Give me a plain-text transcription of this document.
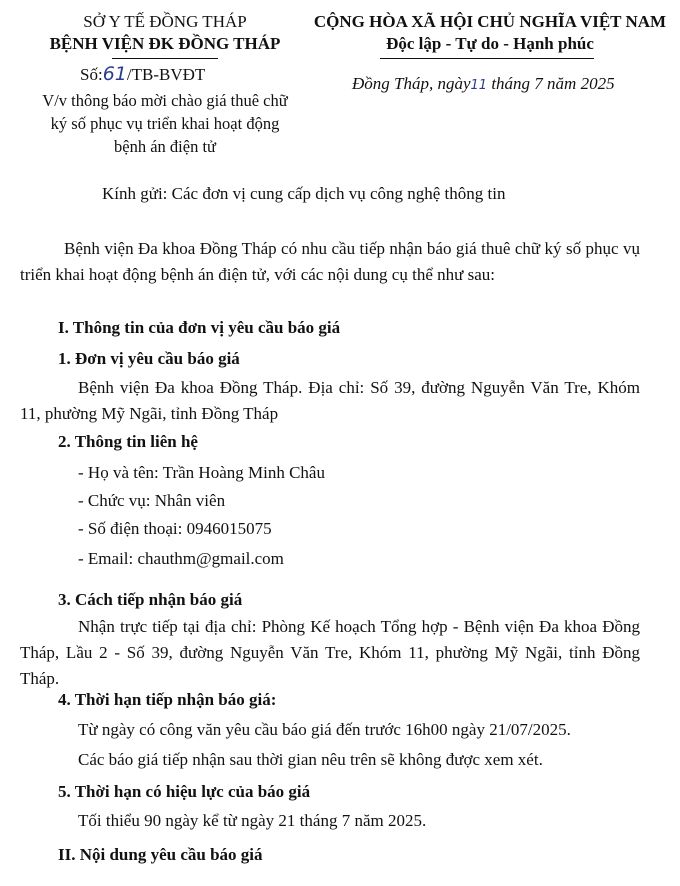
SỞ Y TẾ ĐỒNG THÁP
BỆNH VIỆN ĐK ĐỒNG THÁP
CỘNG HÒA XÃ HỘI CHỦ NGHĨA VIỆT NAM
Độc lập - Tự do - Hạnh phúc
Số:61/TB-BVĐT	Đồng Tháp, ngày11 tháng 7 năm 2025
V/v thông báo mời chào giá thuê chữ
ký số phục vụ triển khai hoạt động
bệnh án điện tử
Kính gửi: Các đơn vị cung cấp dịch vụ công nghệ thông tin
Bệnh viện Đa khoa Đồng Tháp có nhu cầu tiếp nhận báo giá thuê chữ ký số phục vụ triển khai hoạt động bệnh án điện tử, với các nội dung cụ thể như sau:
I. Thông tin của đơn vị yêu cầu báo giá
1. Đơn vị yêu cầu báo giá
Bệnh viện Đa khoa Đồng Tháp. Địa chỉ: Số 39, đường Nguyễn Văn Tre, Khóm 11, phường Mỹ Ngãi, tỉnh Đồng Tháp
2. Thông tin liên hệ
- Họ và tên: Trần Hoàng Minh Châu
- Chức vụ: Nhân viên
- Số điện thoại: 0946015075
- Email: chauthm@gmail.com
3. Cách tiếp nhận báo giá
Nhận trực tiếp tại địa chỉ: Phòng Kế hoạch Tổng hợp - Bệnh viện Đa khoa Đồng Tháp, Lầu 2 - Số 39, đường Nguyễn Văn Tre, Khóm 11, phường Mỹ Ngãi, tỉnh Đồng Tháp.
4. Thời hạn tiếp nhận báo giá:
Từ ngày có công văn yêu cầu báo giá đến trước 16h00 ngày 21/07/2025.
Các báo giá tiếp nhận sau thời gian nêu trên sẽ không được xem xét.
5. Thời hạn có hiệu lực của báo giá
Tối thiểu 90 ngày kể từ ngày 21 tháng 7 năm 2025.
II. Nội dung yêu cầu báo giá
